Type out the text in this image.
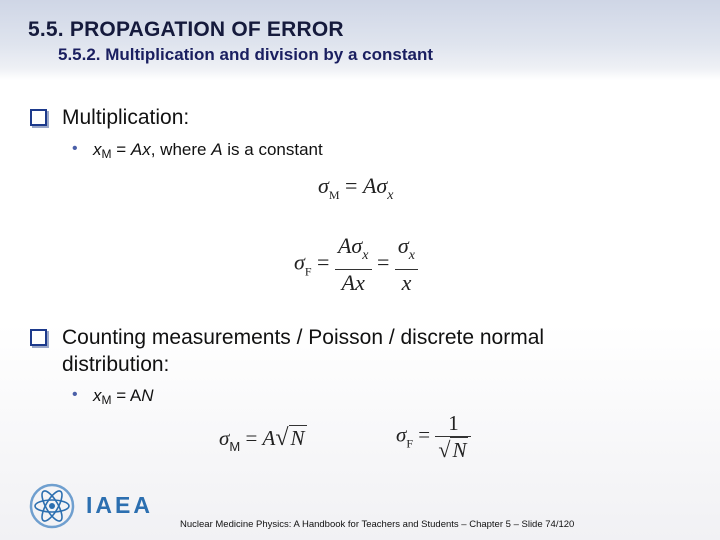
5.5. PROPAGATION OF ERROR
5.5.2. Multiplication and division by a constant
Multiplication:
• $x_M = Ax$, where A is a constant
$\sigma_M = A\sigma_x$
$\sigma_F = \frac{A\sigma_x}{Ax} = \frac{\sigma_x}{x}$
Counting measurements / Poisson / discrete normal
distribution:
• $x_M$ = AN
$\sigma_M = A√N$	$\sigma_F = \frac{1}{√N}$
IAEA
Nuclear Medicine Physics: A Handbook for Teachers and Students – Chapter 5 – Slide 74/120
